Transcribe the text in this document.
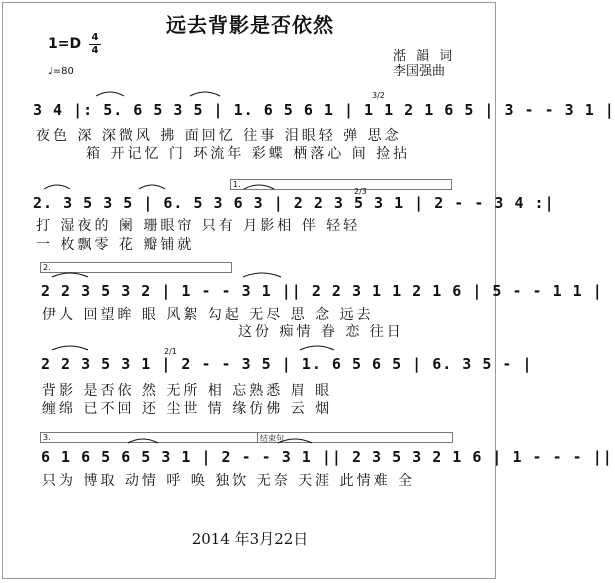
远去背影是否依然
1=D 4
4
♩=80
湉 韻 词
李国强曲
3 4 |: 5. 6 5 3 5 | 1. 6 5 6 1 | 1 1 2 1 6 5 | 3 - - 3 1 |
夜色 深 深微风 拂 面回忆 往事 泪眼轻 弹 思念
箱 开记忆 门 环流年 彩蝶 栖落心 间 捡拈
3/2
1.
2. 3 5 3 5 | 6. 5 3 6 3 | 2 2 3 5 3 1 | 2 - - 3 4 :|
打 湿夜的 阑 珊眼帘 只有 月影相 伴 轻轻
一 枚飘零 花 瓣铺就
2/3
2.
2 2 3 5 3 2 | 1 - - 3 1 || 2 2 3 1 1 2 1 6 | 5 - - 1 1 |
伊人 回望眸 眼 风絮 勾起 无尽 思 念 远去
这份 痴情 眷 恋 往日
2 2 3 5 3 1 | 2 - - 3 5 | 1. 6 5 6 5 | 6. 3 5 - |
背影 是否依 然 无所 相 忘熟悉 眉 眼
缠绵 已不回 还 尘世 情 缘仿佛 云 烟
2/1
3.	结束句
6 1 6 5 6 5 3 1 | 2 - - 3 1 || 2 3 5 3 2 1 6 | 1 - - - ||
只为 博取 动情 呼 唤 独饮 无奈 天涯 此情难 全
2014 年3月22日
